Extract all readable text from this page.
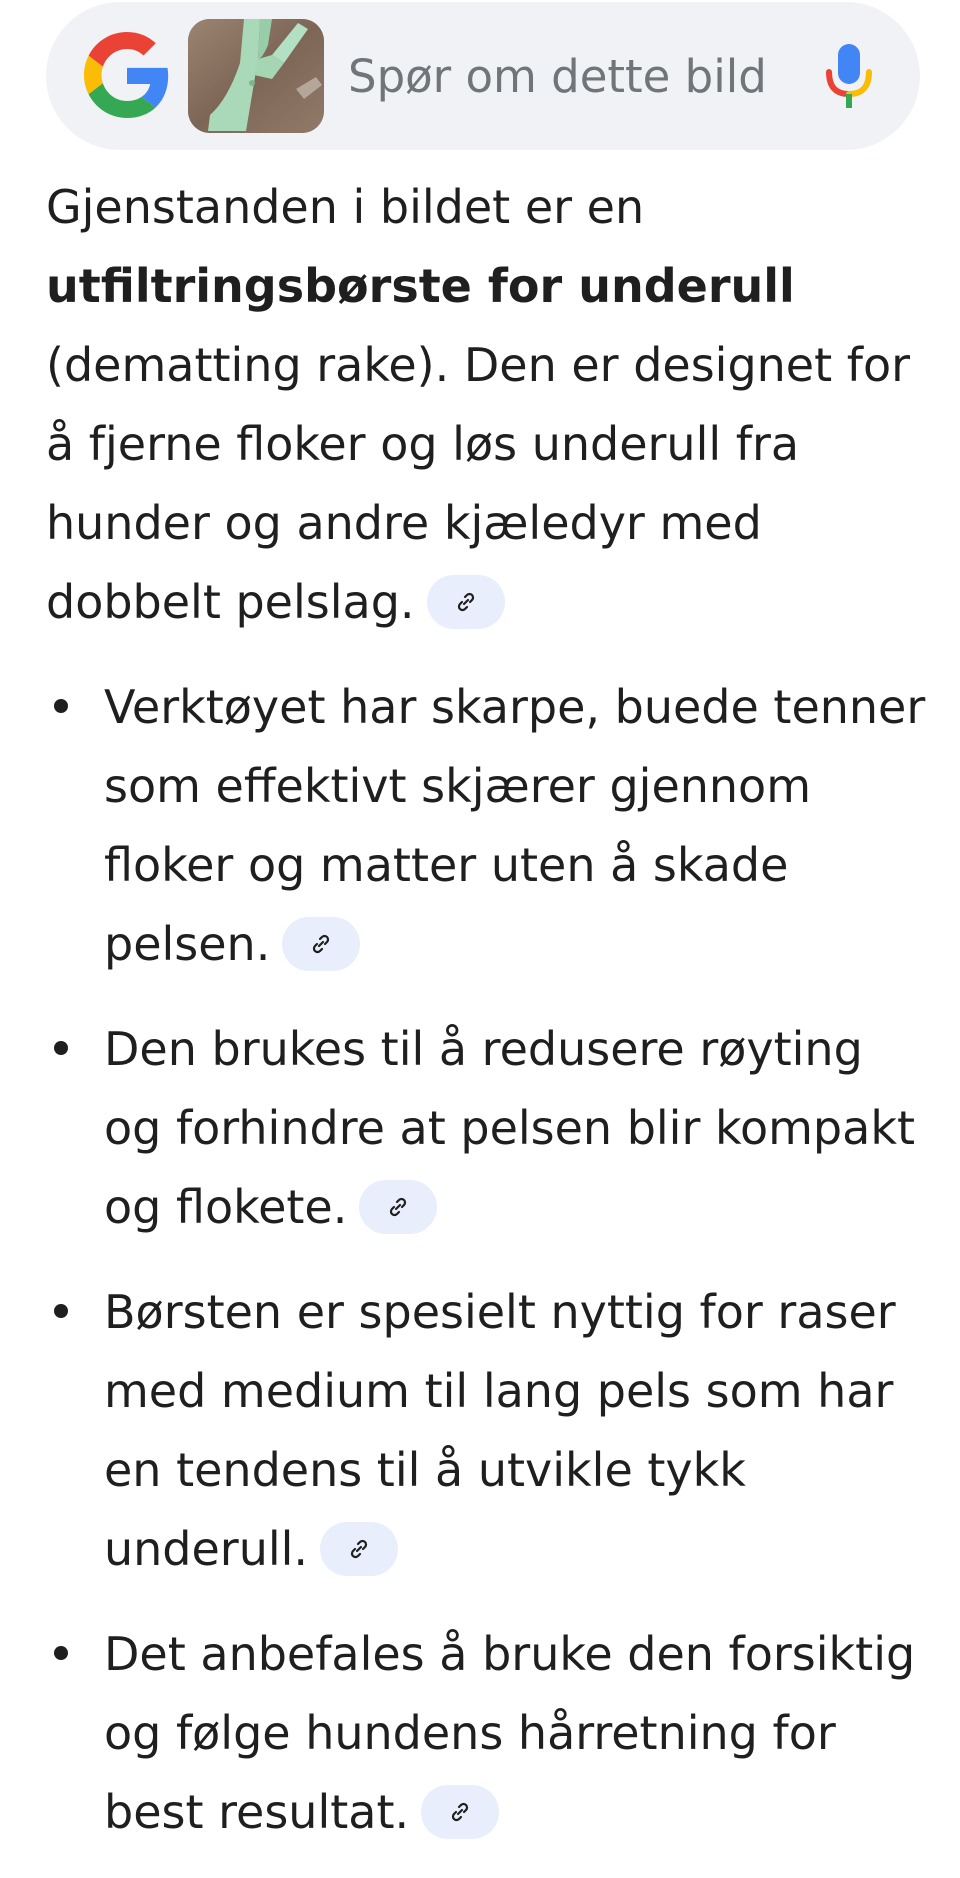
Spør om dette bildet

Gjenstanden i bildet er en utfiltringsbørste for underull (dematting rake). Den er designet for å fjerne floker og løs underull fra hunder og andre kjæledyr med dobbelt pelslag.

Verktøyet har skarpe, buede tenner som effektivt skjærer gjennom floker og matter uten å skade pelsen.
Den brukes til å redusere røyting og forhindre at pelsen blir kompakt og flokete.
Børsten er spesielt nyttig for raser med medium til lang pels som har en tendens til å utvikle tykk underull.
Det anbefales å bruke den forsiktig og følge hundens hårretning for best resultat.
